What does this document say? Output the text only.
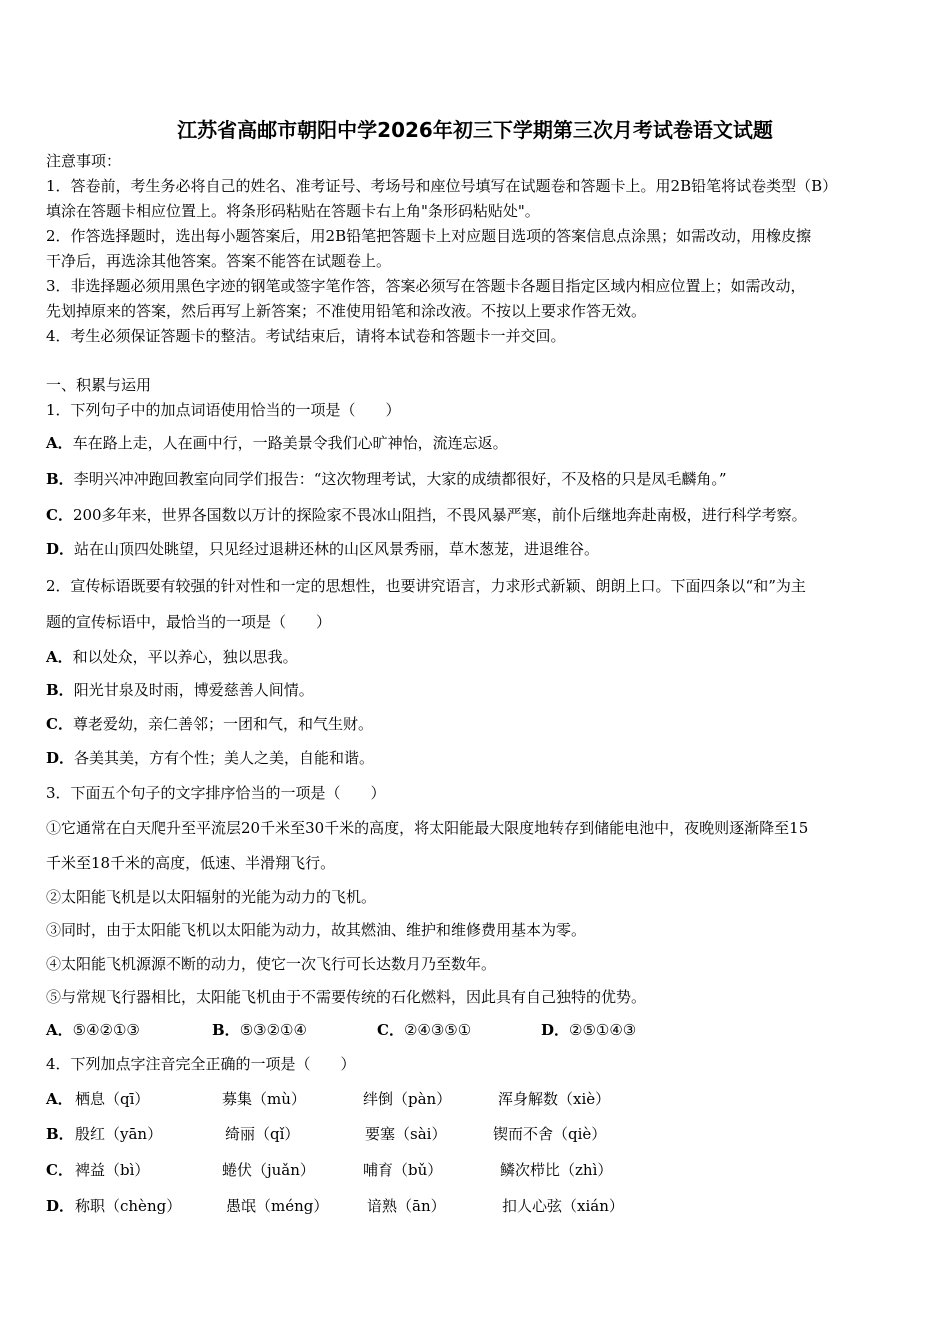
江苏省高邮市朝阳中学2026年初三下学期第三次月考试卷语文试题
注意事项：
1．答卷前，考生务必将自己的姓名、准考证号、考场号和座位号填写在试题卷和答题卡上。用2B铅笔将试卷类型（B）
填涂在答题卡相应位置上。将条形码粘贴在答题卡右上角"条形码粘贴处"。
2．作答选择题时，选出每小题答案后，用2B铅笔把答题卡上对应题目选项的答案信息点涂黑；如需改动，用橡皮擦
干净后，再选涂其他答案。答案不能答在试题卷上。
3．非选择题必须用黑色字迹的钢笔或签字笔作答，答案必须写在答题卡各题目指定区域内相应位置上；如需改动，
先划掉原来的答案，然后再写上新答案；不准使用铅笔和涂改液。不按以上要求作答无效。
4．考生必须保证答题卡的整洁。考试结束后，请将本试卷和答题卡一并交回。
一、积累与运用
1．下列句子中的加点词语使用恰当的一项是（　　）
A．车在路上走，人在画中行，一路美景令我们心旷神怡，流连忘返。
B．李明兴冲冲跑回教室向同学们报告：“这次物理考试，大家的成绩都很好，不及格的只是凤毛麟角。”
C．200多年来，世界各国数以万计的探险家不畏冰山阻挡，不畏风暴严寒，前仆后继地奔赴南极，进行科学考察。
D．站在山顶四处眺望，只见经过退耕还林的山区风景秀丽，草木葱茏，进退维谷。
2．宣传标语既要有较强的针对性和一定的思想性，也要讲究语言，力求形式新颖、朗朗上口。下面四条以“和”为主
题的宣传标语中，最恰当的一项是（　　）
A．和以处众，平以养心，独以思我。
B．阳光甘泉及时雨，博爱慈善人间情。
C．尊老爱幼，亲仁善邻；一团和气，和气生财。
D．各美其美，方有个性；美人之美，自能和谐。
3．下面五个句子的文字排序恰当的一项是（　　）
①它通常在白天爬升至平流层20千米至30千米的高度，将太阳能最大限度地转存到储能电池中，夜晚则逐渐降至15
千米至18千米的高度，低速、半滑翔飞行。
②太阳能飞机是以太阳辐射的光能为动力的飞机。
③同时，由于太阳能飞机以太阳能为动力，故其燃油、维护和维修费用基本为零。
④太阳能飞机源源不断的动力，使它一次飞行可长达数月乃至数年。
⑤与常规飞行器相比，太阳能飞机由于不需要传统的石化燃料，因此具有自己独特的优势。
A．⑤④②①③	B．⑤③②①④	C．②④③⑤①	D．②⑤①④③
4．下列加点字注音完全正确的一项是（　　）
A． 栖息（qī）	募集（mù）	绊倒（pàn）	浑身解数（xiè）
B． 殷红（yān）	绮丽（qǐ）	要塞（sài）	锲而不舍（qiè）
C． 裨益（bì）	蜷伏（juǎn）	哺育（bǔ）	鳞次栉比（zhì）
D． 称职（chèng）	愚氓（méng）	谙熟（ān）	扣人心弦（xián）
